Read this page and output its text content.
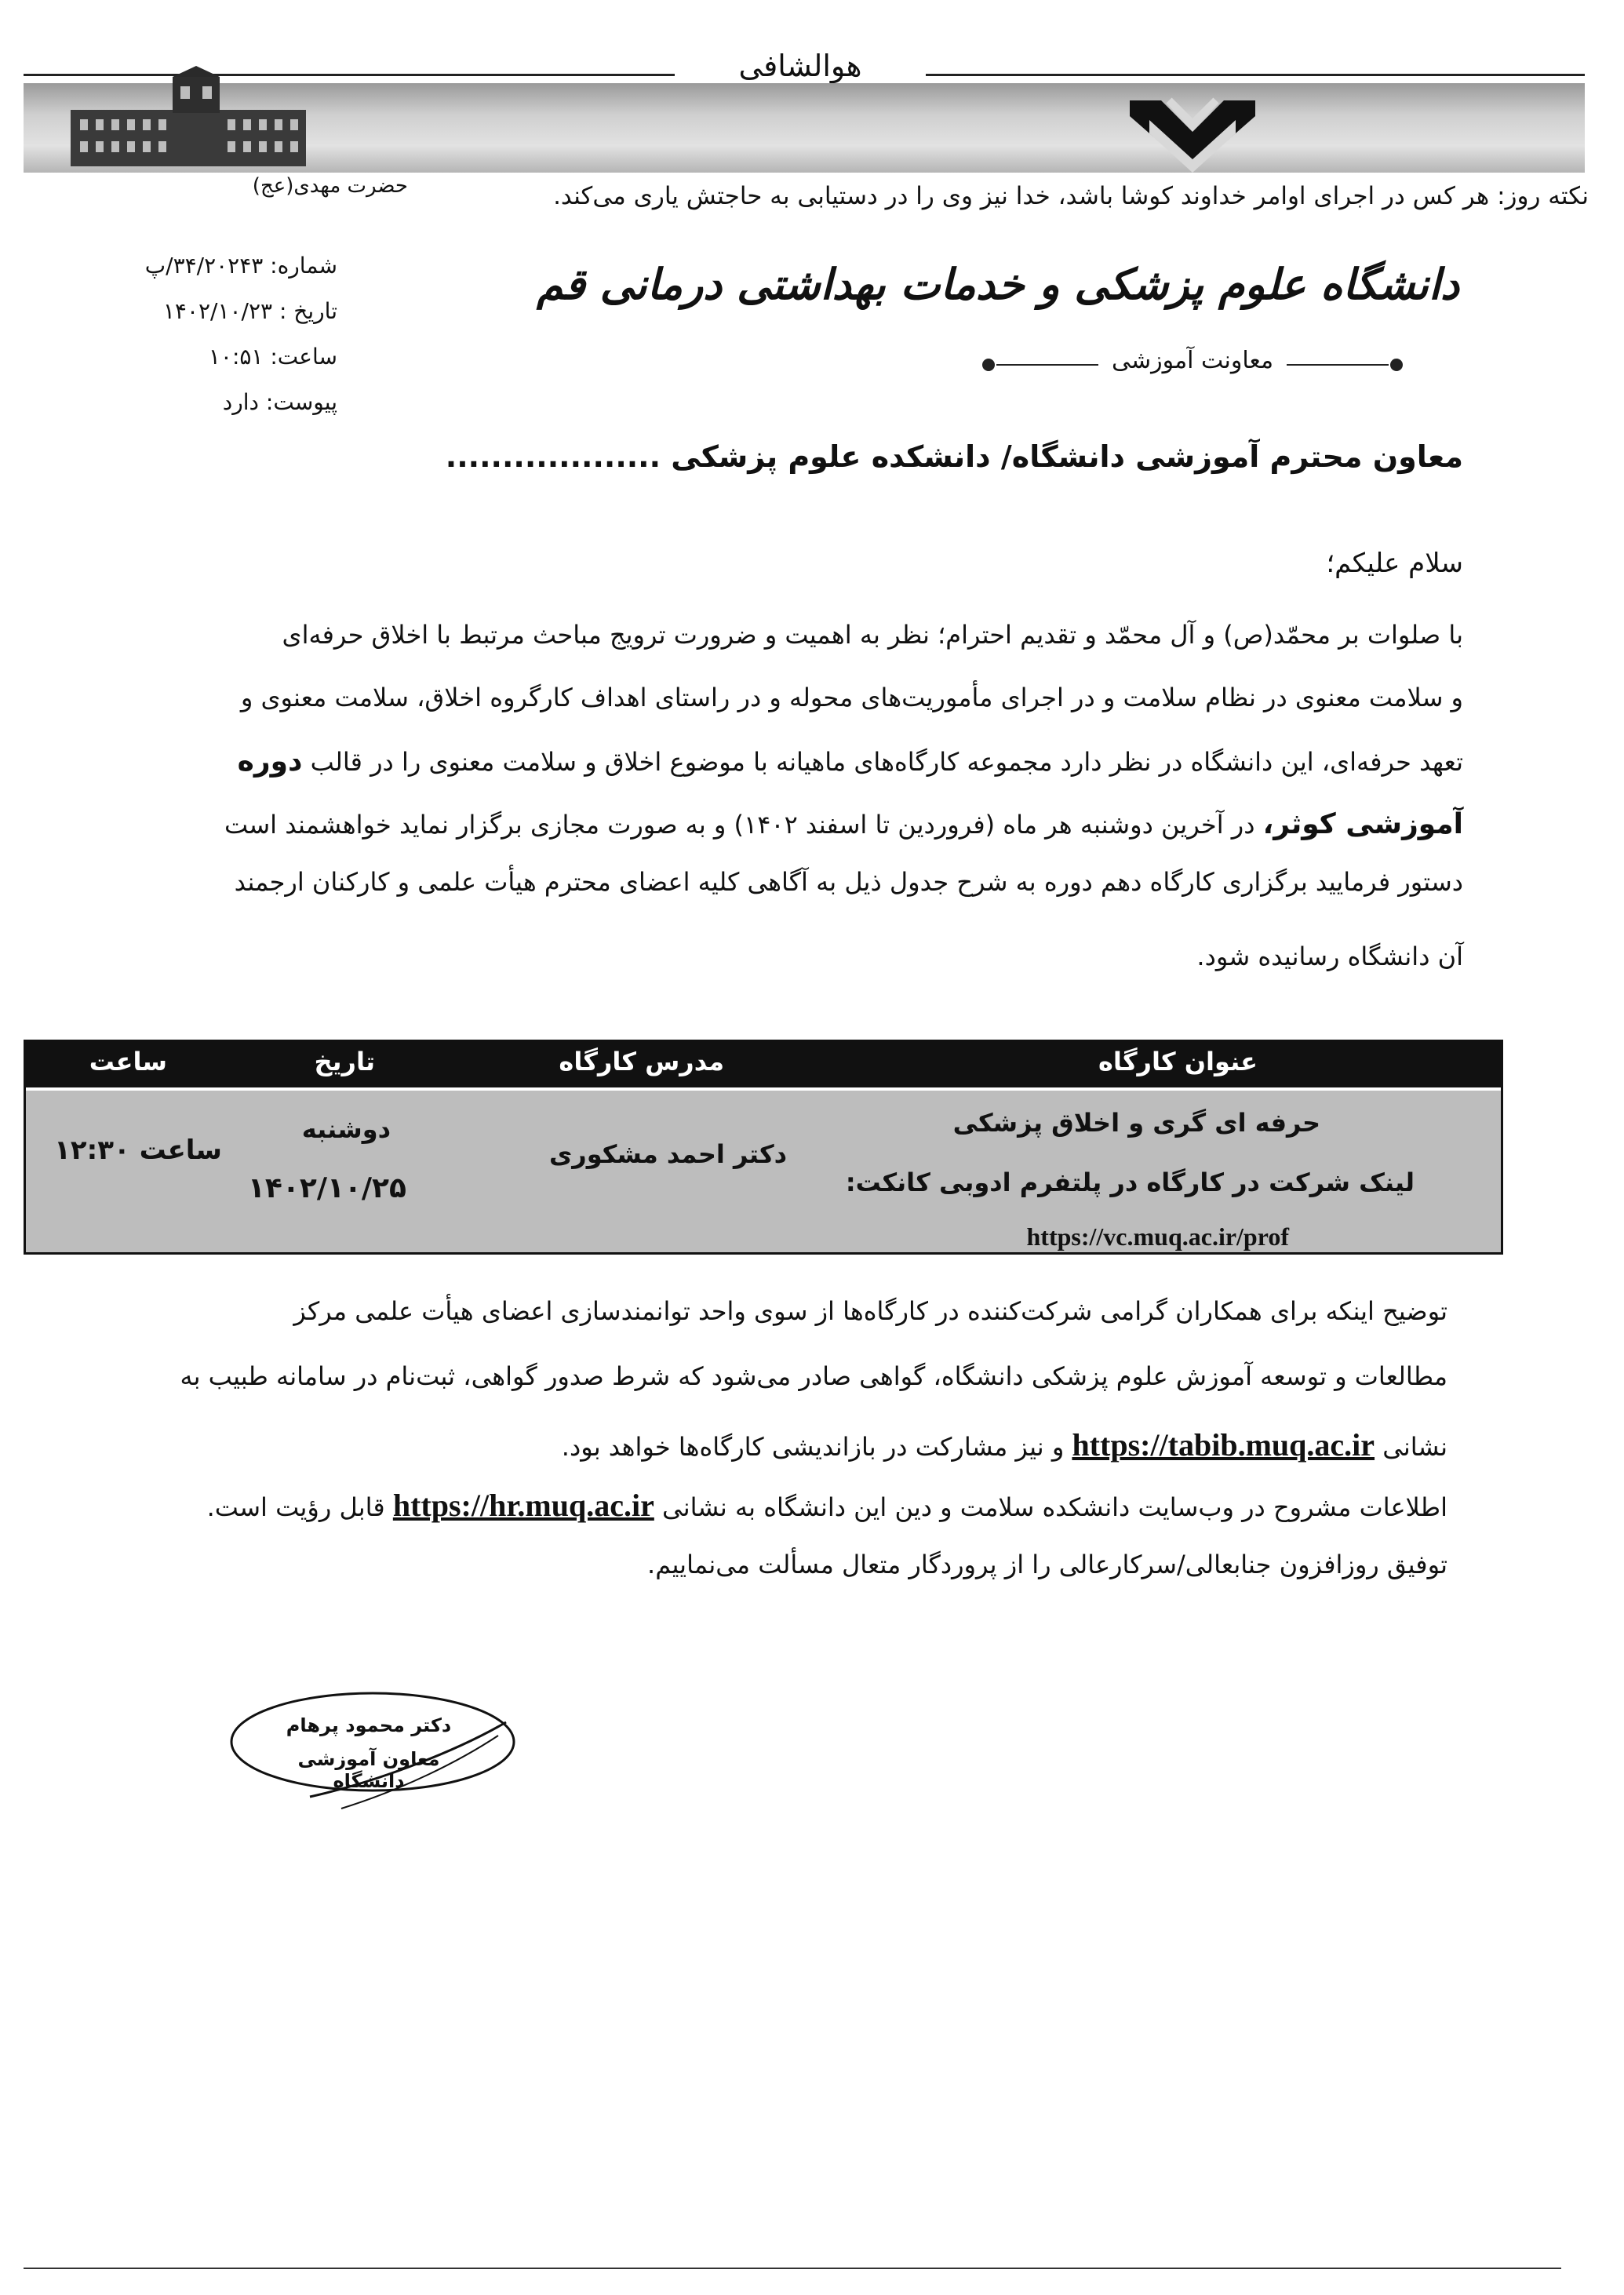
هوالشافی
نکته روز: هر کس در اجرای اوامر خداوند کوشا باشد، خدا نیز وی را در دستیابی به حاجتش یاری می‌کند.
حضرت مهدی(عج)
دانشگاه علوم پزشکی و خدمات بهداشتی درمانی قم
معاونت آموزشی
شماره: ۳۴/۲۰۲۴۳/پ
تاریخ : ۱۴۰۲/۱۰/۲۳
ساعت: ۱۰:۵۱
پیوست: دارد
معاون محترم آموزشی دانشگاه/ دانشکده علوم پزشکی ...................
سلام علیکم؛
با صلوات بر محمّد(ص) و آل محمّد و تقدیم احترام؛ نظر به اهمیت و ضرورت ترویج مباحث مرتبط با اخلاق حرفه‌ای
و سلامت معنوی در نظام سلامت و در اجرای مأموریت‌های محوله و در راستای اهداف کارگروه اخلاق، سلامت معنوی و
تعهد حرفه‌ای، این دانشگاه در نظر دارد مجموعه کارگاه‌های ماهیانه با موضوع اخلاق و سلامت معنوی را در قالب دوره
آموزشی کوثر، در آخرین دوشنبه هر ماه (فروردین تا اسفند ۱۴۰۲) و به صورت مجازی برگزار نماید خواهشمند است
دستور فرمایید برگزاری کارگاه دهم دوره به شرح جدول ذیل به آگاهی کلیه اعضای محترم هیأت علمی و کارکنان ارجمند
آن دانشگاه رسانیده شود.
عنوان کارگاه
مدرس کارگاه
تاریخ
ساعت
حرفه ای گری و اخلاق پزشکی
لینک شرکت در کارگاه در پلتفرم ادوبی کانکت:
https://vc.muq.ac.ir/prof
دکتر احمد مشکوری
دوشنبه
۱۴۰۲/۱۰/۲۵
ساعت ۱۲:۳۰
توضیح اینکه برای همکاران گرامی شرکت‌کننده در کارگاه‌ها از سوی واحد توانمندسازی اعضای هیأت علمی مرکز
مطالعات و توسعه آموزش علوم پزشکی دانشگاه، گواهی صادر می‌شود که شرط صدور گواهی، ثبت‌نام در سامانه طبیب به
نشانی https://tabib.muq.ac.ir و نیز مشارکت در بازاندیشی کارگاه‌ها خواهد بود.
اطلاعات مشروح در وب‌سایت دانشکده سلامت و دین این دانشگاه به نشانی https://hr.muq.ac.ir قابل رؤیت است.
توفیق روزافزون جنابعالی/سرکارعالی را از پروردگار متعال مسألت می‌نماییم.
دکتر محمود پرهام
معاون آموزشی دانشگاه
